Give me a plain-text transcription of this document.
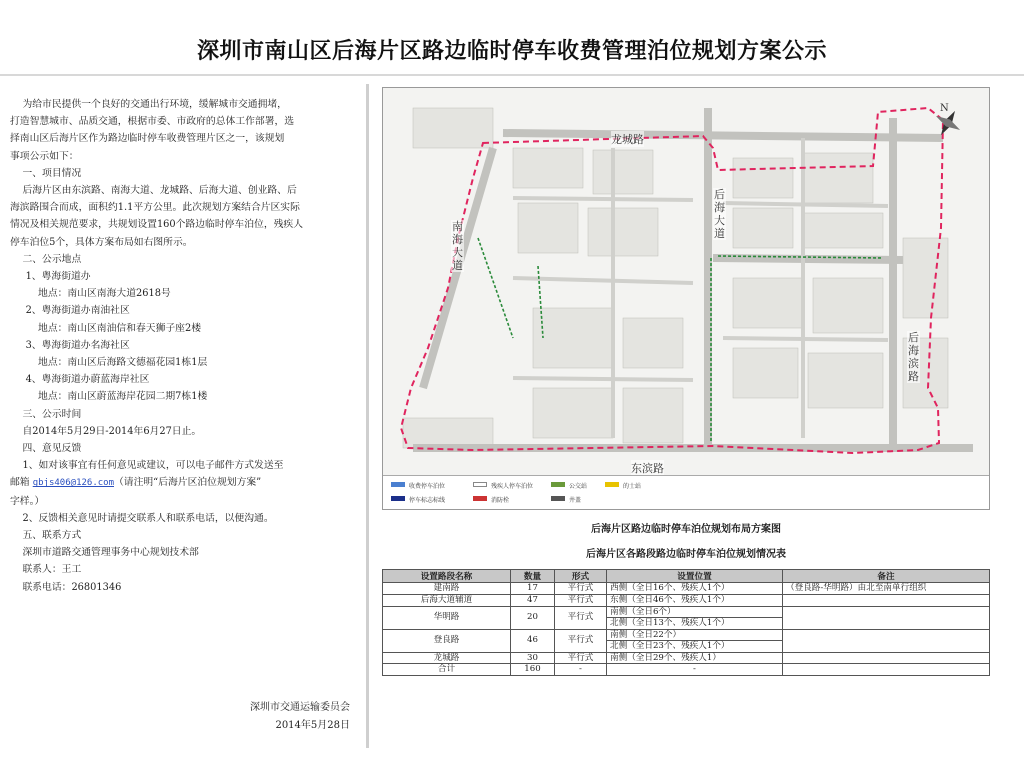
深圳市南山区后海片区路边临时停车收费管理泊位规划方案公示

为给市民提供一个良好的交通出行环境，缓解城市交通拥堵，

打造智慧城市、品质交通，根据市委、市政府的总体工作部署，选

择南山区后海片区作为路边临时停车收费管理片区之一，该规划

事项公示如下：

一、项目情况

后海片区由东滨路、南海大道、龙城路、后海大道、创业路、后

海滨路围合而成，面积约1.1平方公里。此次规划方案结合片区实际

情况及相关规范要求，共规划设置160个路边临时停车泊位，残疾人

停车泊位5个，具体方案布局如右图所示。

二、公示地点

1、粤海街道办

地点：南山区南海大道2618号

2、粤海街道办南油社区

地点：南山区南油信和春天狮子座2楼

3、粤海街道办名海社区

地点：南山区后海路文德福花园1栋1层

4、粤海街道办蔚蓝海岸社区

地点：南山区蔚蓝海岸花园二期7栋1楼

三、公示时间

自2014年5月29日-2014年6月27日止。

四、意见反馈

1、如对该事宜有任何意见或建议，可以电子邮件方式发送至

邮箱 gbjs406@126.com（请注明“后海片区泊位规划方案”

字样。）

2、反馈相关意见时请提交联系人和联系电话，以便沟通。

五、联系方式

深圳市道路交通管理事务中心规划技术部

联系人：王工

联系电话：26801346

深圳市交通运输委员会
2014年5月28日
龙城路
后海大道
南海大道
后海滨路
东滨路
N
收费停车泊位	残疾人停车泊位	公交站
停车标志标线	消防栓	井盖
的士站
后海片区路边临时停车泊位规划布局方案图
后海片区各路段路边临时停车泊位规划情况表
设置路段名称	数量	形式	设置位置	备注
建南路	17	平行式	西侧（全日16个、残疾人1个）	（登良路-华明路）由北至南单行组织
后海大道辅道	47	平行式	东侧（全日46个、残疾人1个）	
华明路	20	平行式	南侧（全日6个）	
			北侧（全日13个、残疾人1个）	
登良路	46	平行式	南侧（全日22个）	
			北侧（全日23个、残疾人1个）	
龙城路	30	平行式	南侧（全日29个、残疾人1）	
合计	160	-	-	
